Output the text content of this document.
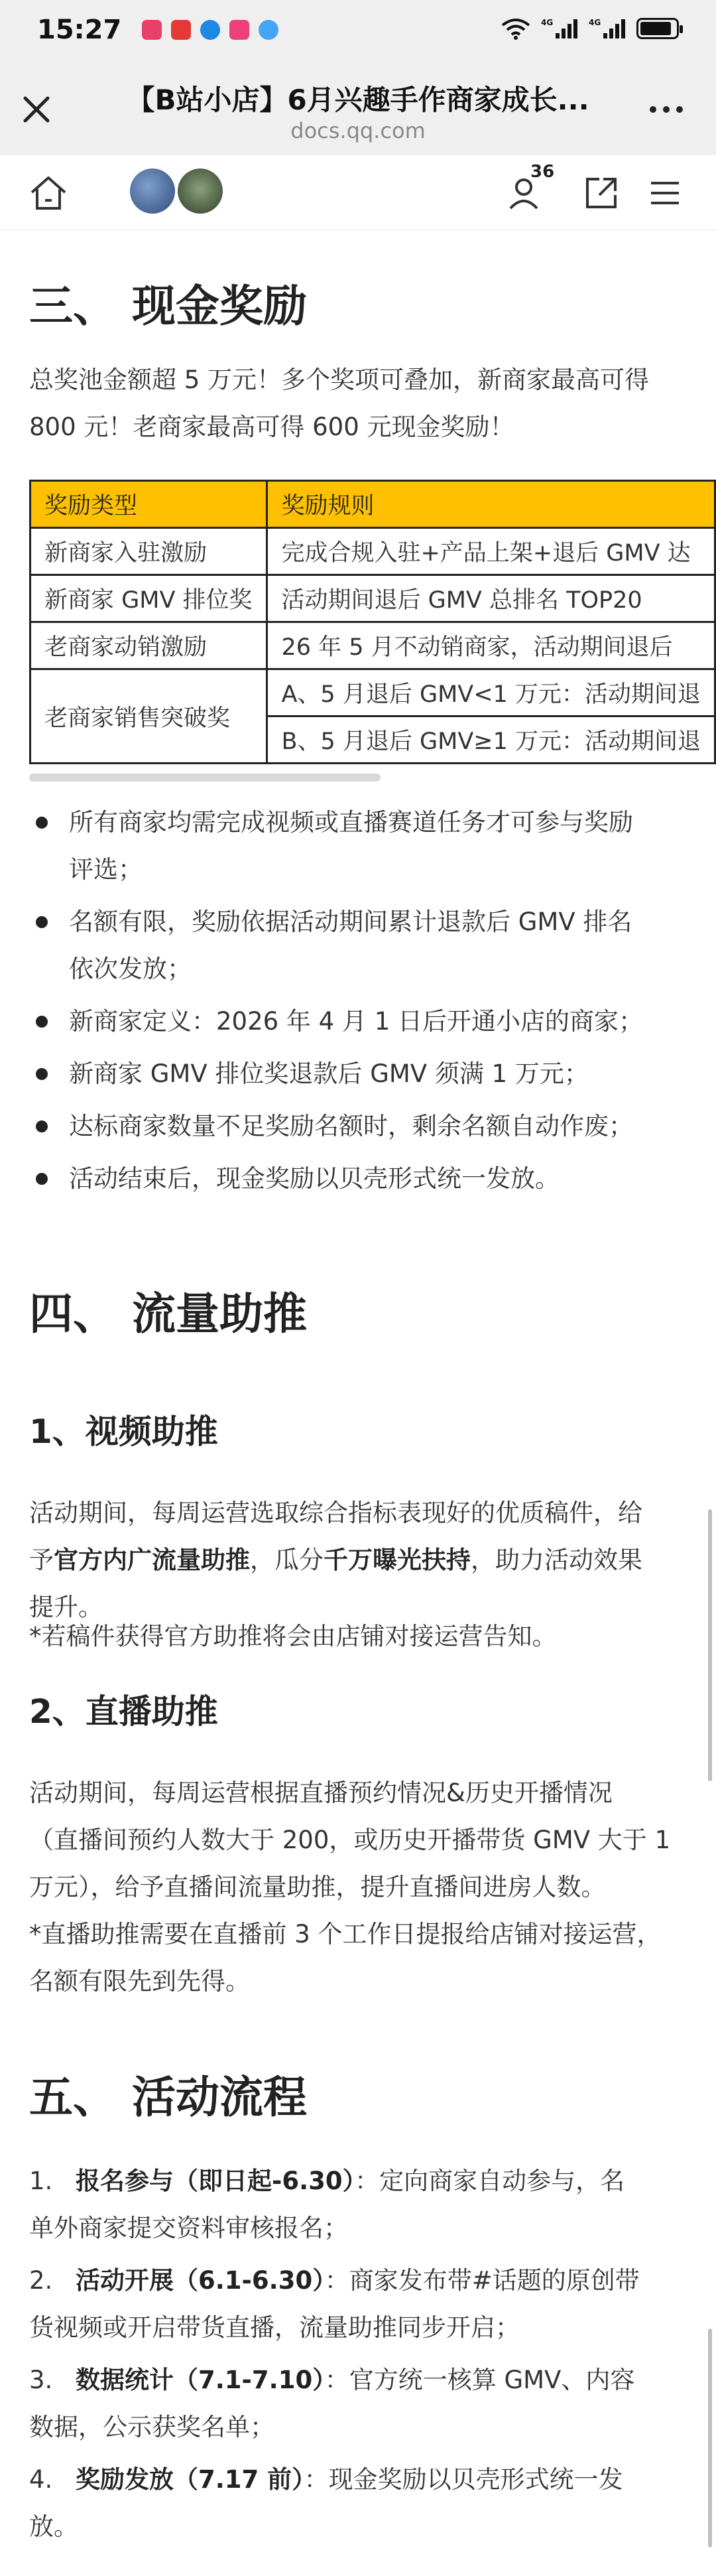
15:27	4G	4G
【B站小店】6月兴趣手作商家成长...
docs.qq.com
36
三、 现金奖励
总奖池金额超 5 万元！多个奖项可叠加，新商家最高可得
800 元！老商家最高可得 600 元现金奖励！
奖励类型	奖励规则
新商家入驻激励	完成合规入驻+产品上架+退后 GMV 达
新商家 GMV 排位奖	活动期间退后 GMV 总排名 TOP20
老商家动销激励	26 年 5 月不动销商家，活动期间退后
老商家销售突破奖	A、5 月退后 GMV<1 万元：活动期间退
	B、5 月退后 GMV≥1 万元：活动期间退
所有商家均需完成视频或直播赛道任务才可参与奖励
评选；
名额有限，奖励依据活动期间累计退款后 GMV 排名
依次发放；
新商家定义：2026 年 4 月 1 日后开通小店的商家；
新商家 GMV 排位奖退款后 GMV 须满 1 万元；
达标商家数量不足奖励名额时，剩余名额自动作废；
活动结束后，现金奖励以贝壳形式统一发放。
四、 流量助推
1、视频助推
活动期间，每周运营选取综合指标表现好的优质稿件，给
予官方内广流量助推，瓜分千万曝光扶持，助力活动效果
提升。
*若稿件获得官方助推将会由店铺对接运营告知。
2、直播助推
活动期间，每周运营根据直播预约情况&历史开播情况
（直播间预约人数大于 200，或历史开播带货 GMV 大于 1
万元），给予直播间流量助推，提升直播间进房人数。
*直播助推需要在直播前 3 个工作日提报给店铺对接运营，
名额有限先到先得。
五、 活动流程
1. 报名参与（即日起-6.30）：定向商家自动参与，名
单外商家提交资料审核报名；
2. 活动开展（6.1-6.30）：商家发布带#话题的原创带
货视频或开启带货直播，流量助推同步开启；
3. 数据统计（7.1-7.10）：官方统一核算 GMV、内容
数据，公示获奖名单；
4. 奖励发放（7.17 前）：现金奖励以贝壳形式统一发
放。
